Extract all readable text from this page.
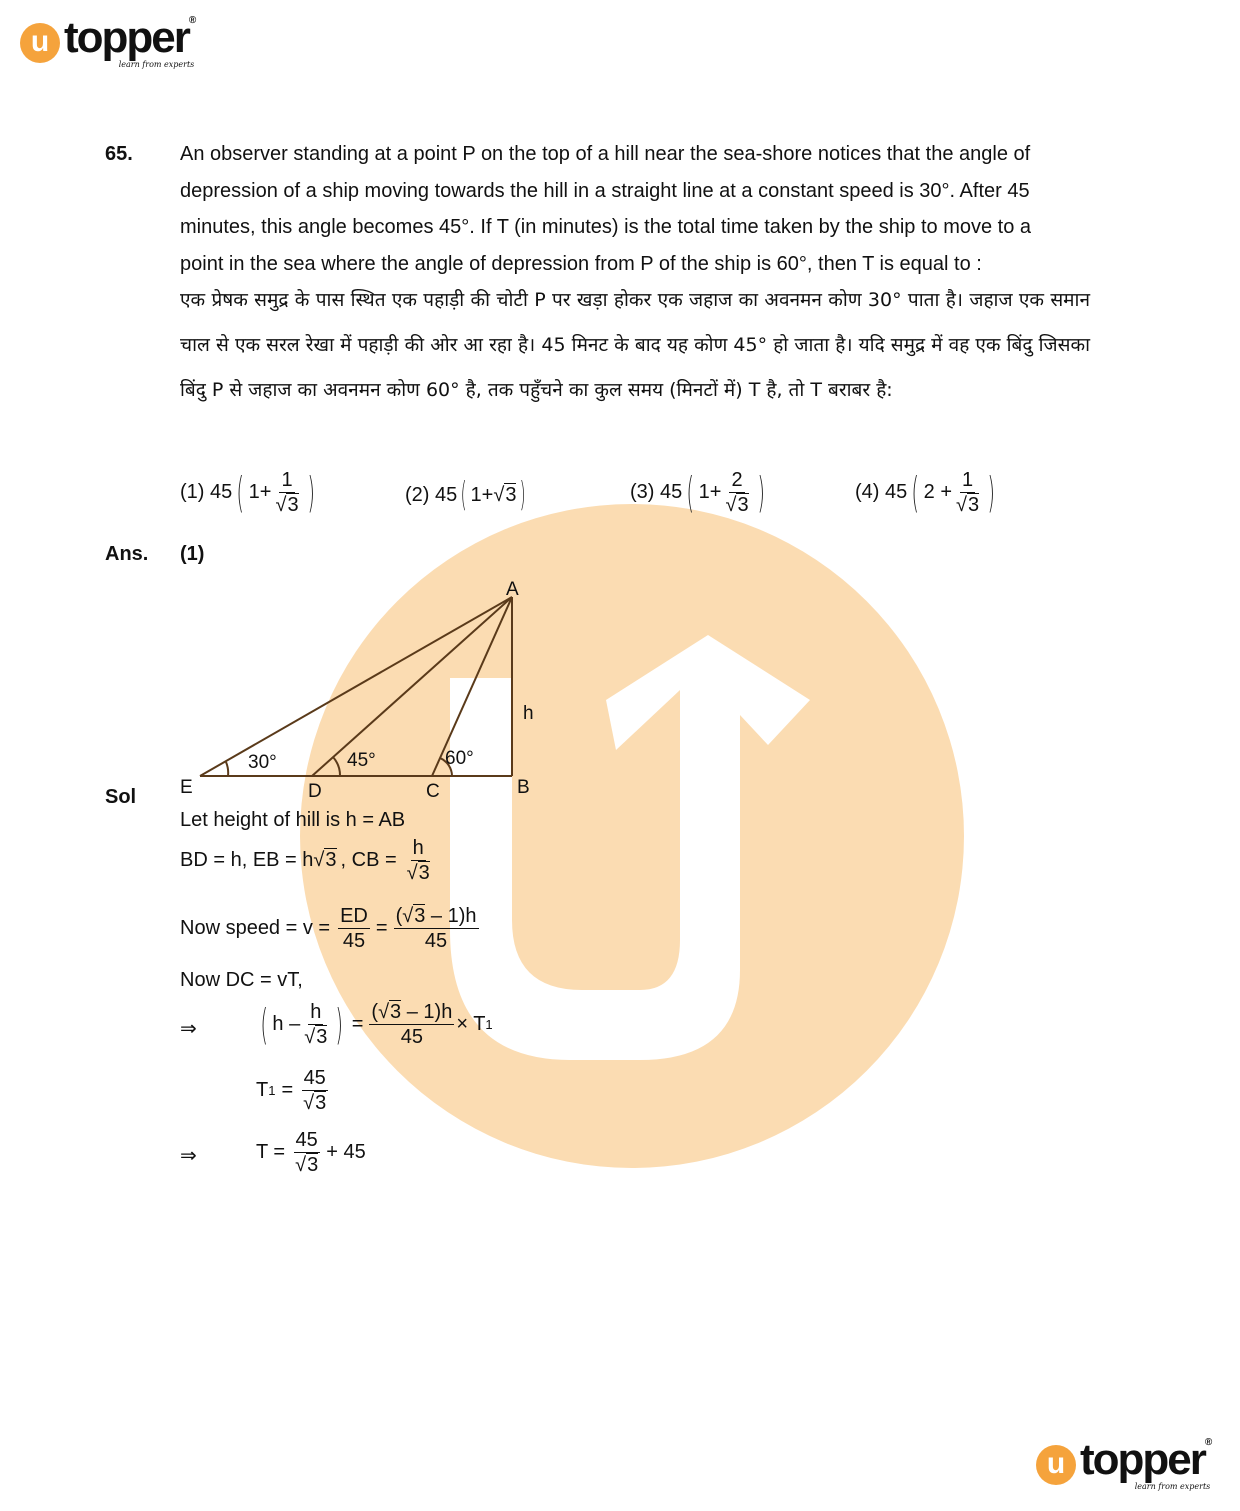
u topper®
learn from experts
65. An observer standing at a point P on the top of a hill near the sea-shore notices that the angle of

depression of a ship moving towards the hill in a straight line at a constant speed is 30°. After 45

minutes, this angle becomes 45°. If T (in minutes) is the total time taken by the ship to move to a

point in the sea where the angle of depression from P of the ship is 60°, then T is equal to :

एक प्रेषक समुद्र के पास स्थित एक पहाड़ी की चोटी P पर खड़ा होकर एक जहाज का अवनमन कोण 30° पाता है। जहाज एक समान चाल से एक सरल रेखा में पहाड़ी की ओर आ रहा है। 45 मिनट के बाद यह कोण 45° हो जाता है। यदि समुद्र में वह एक बिंदु जिसका बिंदु P से जहाज का अवनमन कोण 60° है, तक पहुँचने का कुल समय (मिनटों में) T है, तो T बराबर है:
(1) 45 ( $1+ \frac{1}{√3}$ )	(2) 45 ( 1+ √3 )	(3) 45 ( $1+ \frac{2}{√3}$ )	(4) 45 ( $2 + \frac{1}{√3}$ )
Ans. (1)
A
E	D	C	B
30°	45°	60°
h
Sol
Let height of hill is h = AB
BD = h, EB = h √3 , CB = $\frac{h}{√3}$
Now speed = $v = \frac{ED}{45} = \frac{(√3 - 1)h}{45}$
Now DC = vT,
⇒ ( h – $\frac{h}{√3}$ ) = $\frac{(√3 - 1)h}{45} \times T$ 1
T $1 = \frac{45}{√3}$
⇒	$T = \frac{45}{√3} + 45$
u topper®
learn from experts
